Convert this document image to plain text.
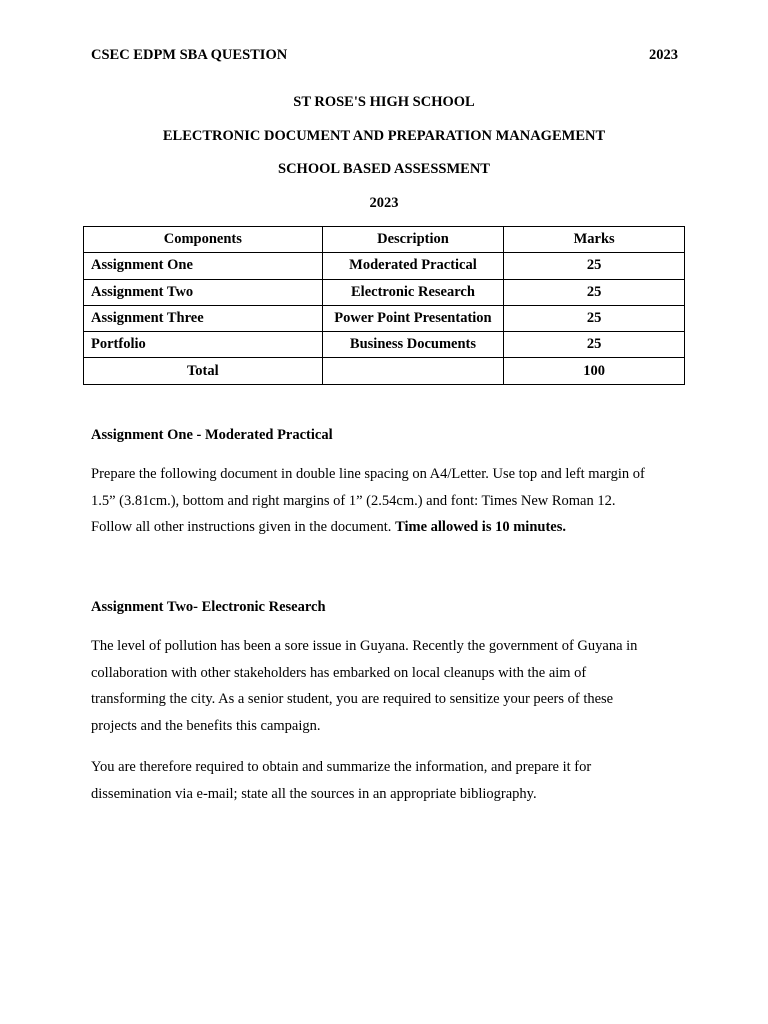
CSEC EDPM SBA QUESTION	2023
ST ROSE'S HIGH SCHOOL
ELECTRONIC DOCUMENT AND PREPARATION MANAGEMENT
SCHOOL BASED ASSESSMENT
2023
Components	Description	Marks
Assignment One	Moderated Practical	25
Assignment Two	Electronic Research	25
Assignment Three	Power Point Presentation	25
Portfolio	Business Documents	25
Total		100
Assignment One - Moderated Practical
Prepare the following document in double line spacing on A4/Letter. Use top and left margin of
1.5” (3.81cm.), bottom and right margins of 1” (2.54cm.) and font: Times New Roman 12.
Follow all other instructions given in the document. Time allowed is 10 minutes.
Assignment Two- Electronic Research
The level of pollution has been a sore issue in Guyana. Recently the government of Guyana in
collaboration with other stakeholders has embarked on local cleanups with the aim of
transforming the city. As a senior student, you are required to sensitize your peers of these
projects and the benefits this campaign.
You are therefore required to obtain and summarize the information, and prepare it for
dissemination via e-mail; state all the sources in an appropriate bibliography.
